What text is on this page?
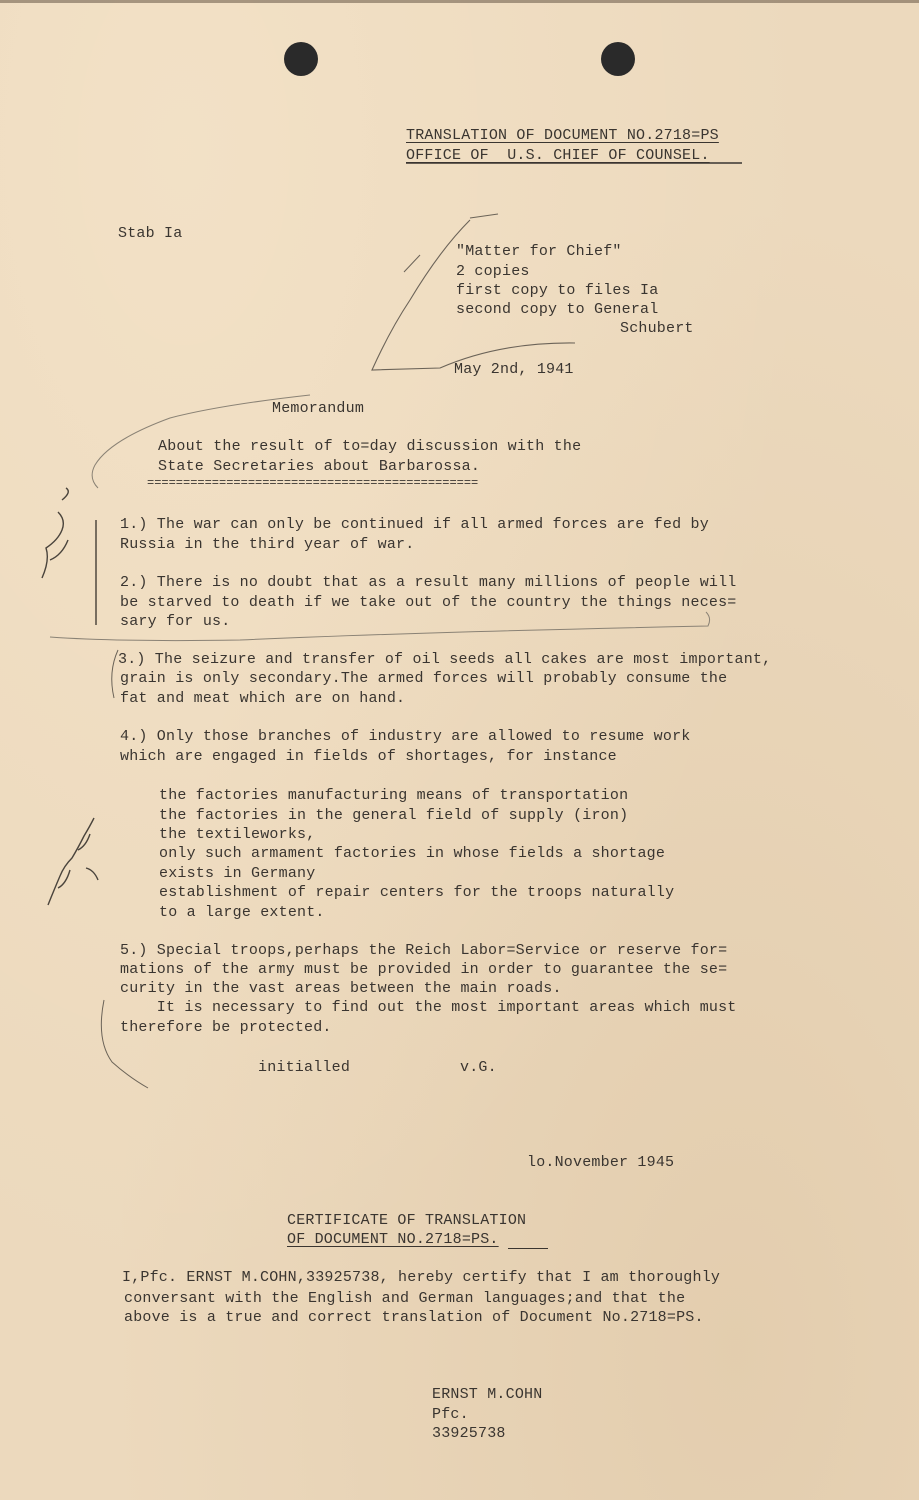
TRANSLATION OF DOCUMENT NO.2718=PS
OFFICE OF  U.S. CHIEF OF COUNSEL.
Stab Ia
"Matter for Chief"
2 copies
first copy to files Ia
second copy to General
Schubert
May 2nd, 1941
Memorandum
About the result of to=day discussion with the
State Secretaries about Barbarossa.
==============================================
1.) The war can only be continued if all armed forces are fed by
Russia in the third year of war.
2.) There is no doubt that as a result many millions of people will
be starved to death if we take out of the country the things neces=
sary for us.
3.) The seizure and transfer of oil seeds all cakes are most important,
grain is only secondary.The armed forces will probably consume the
fat and meat which are on hand.
4.) Only those branches of industry are allowed to resume work
which are engaged in fields of shortages, for instance
the factories manufacturing means of transportation
the factories in the general field of supply (iron)
the textileworks,
only such armament factories in whose fields a shortage
exists in Germany
establishment of repair centers for the troops naturally
to a large extent.
5.) Special troops,perhaps the Reich Labor=Service or reserve for=
mations of the army must be provided in order to guarantee the se=
curity in the vast areas between the main roads.
It is necessary to find out the most important areas which must
therefore be protected.
initialled	v.G.
lo.November 1945
CERTIFICATE OF TRANSLATION
OF DOCUMENT NO.2718=PS.
I,Pfc. ERNST M.COHN,33925738, hereby certify that I am thoroughly
conversant with the English and German languages;and that the
above is a true and correct translation of Document No.2718=PS.
ERNST M.COHN
Pfc.
33925738
